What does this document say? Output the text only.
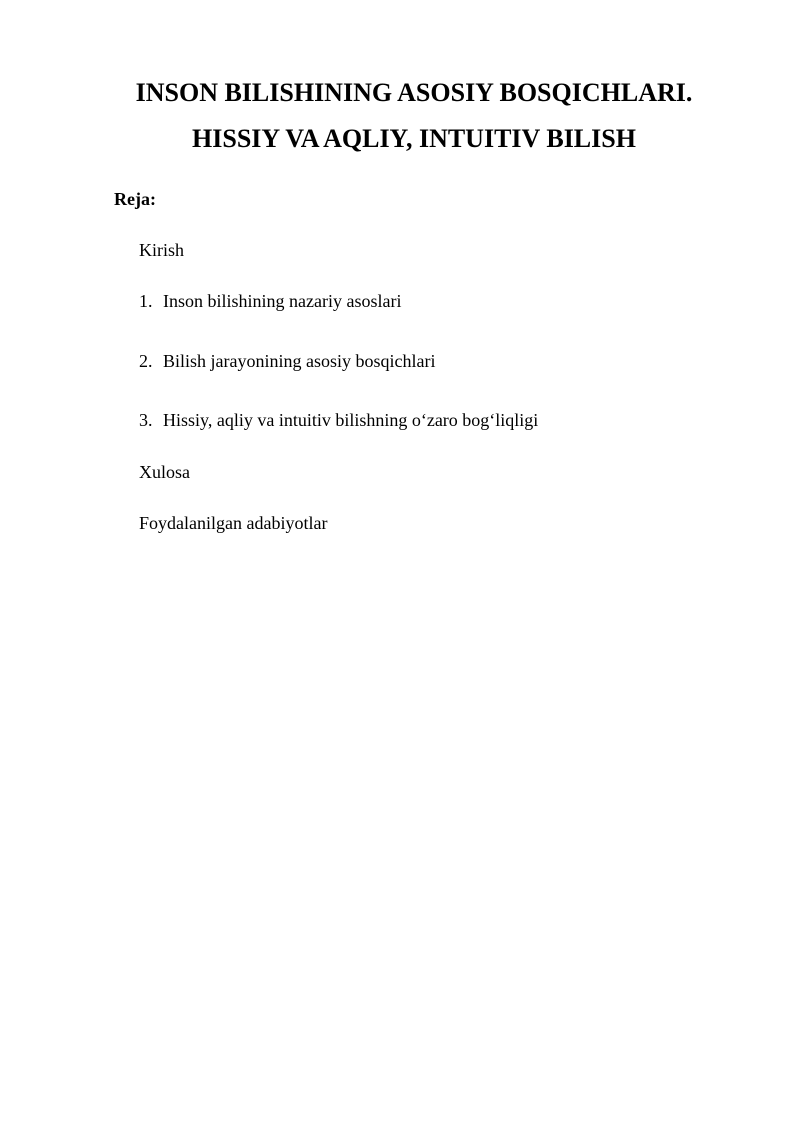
INSON BILISHINING ASOSIY BOSQICHLARI.
HISSIY VA AQLIY, INTUITIV BILISH
Reja:
Kirish
1. Inson bilishining nazariy asoslari
2. Bilish jarayonining asosiy bosqichlari
3. Hissiy, aqliy va intuitiv bilishning o‘zaro bog‘liqligi
Xulosa
Foydalanilgan adabiyotlar
